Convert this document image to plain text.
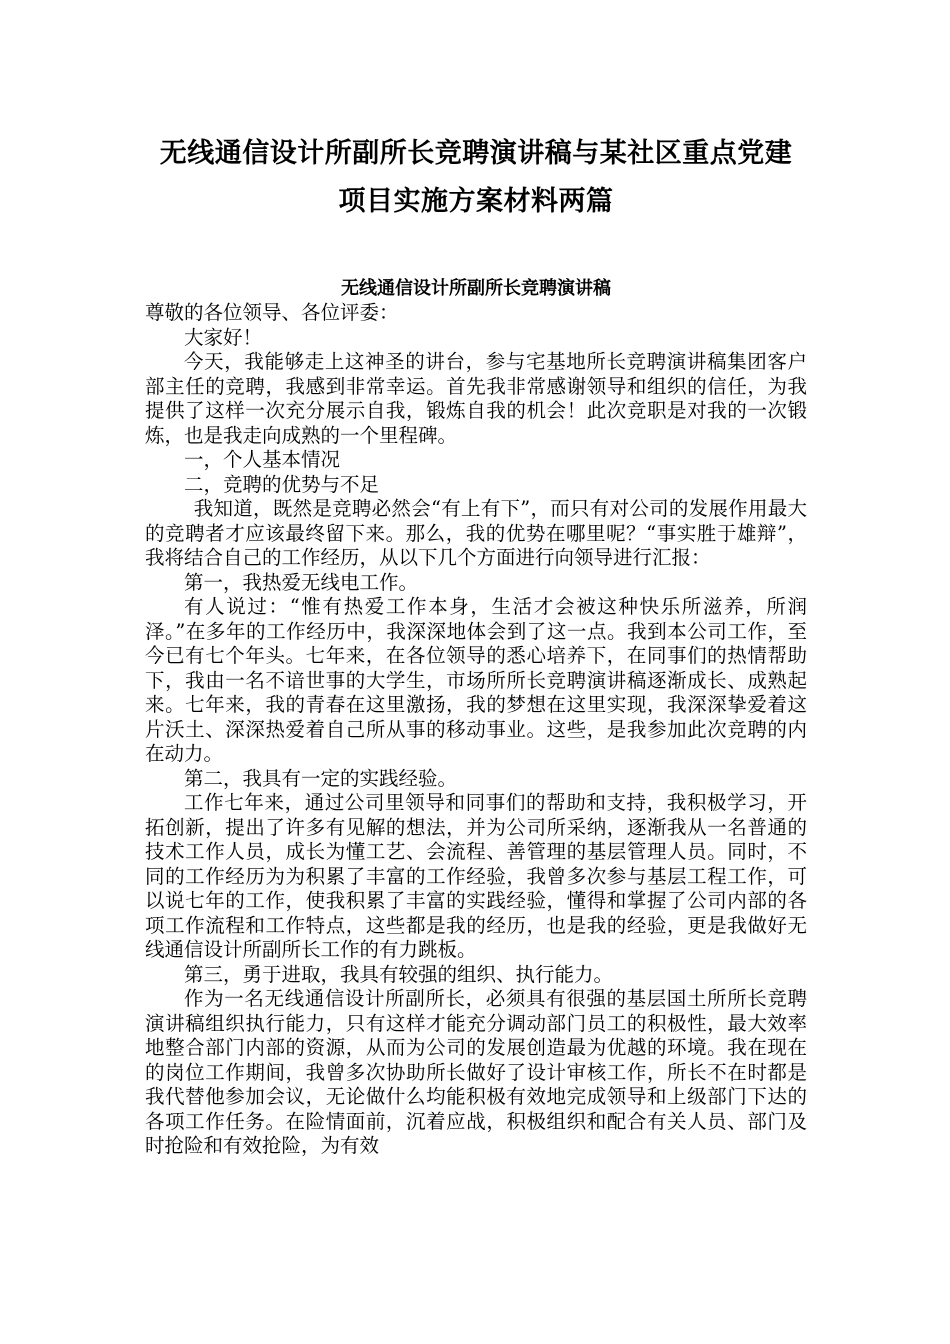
无线通信设计所副所长竞聘演讲稿与某社区重点党建
项目实施方案材料两篇
无线通信设计所副所长竞聘演讲稿

尊敬的各位领导、各位评委：

大家好！

今天，我能够走上这神圣的讲台，参与宅基地所长竞聘演讲稿集团客户部主任的竞聘，我感到非常幸运。首先我非常感谢领导和组织的信任，为我提供了这样一次充分展示自我，锻炼自我的机会！此次竞职是对我的一次锻炼，也是我走向成熟的一个里程碑。

一，个人基本情况

二，竞聘的优势与不足

我知道，既然是竞聘必然会“有上有下”，而只有对公司的发展作用最大的竞聘者才应该最终留下来。那么，我的优势在哪里呢？“事实胜于雄辩”，我将结合自己的工作经历，从以下几个方面进行向领导进行汇报：

第一，我热爱无线电工作。

有人说过：“惟有热爱工作本身，生活才会被这种快乐所滋养，所润泽。”在多年的工作经历中，我深深地体会到了这一点。我到本公司工作，至今已有七个年头。七年来，在各位领导的悉心培养下，在同事们的热情帮助下，我由一名不谙世事的大学生，市场所所长竞聘演讲稿逐渐成长、成熟起来。七年来，我的青春在这里激扬，我的梦想在这里实现，我深深挚爱着这片沃土、深深热爱着自己所从事的移动事业。这些，是我参加此次竞聘的内在动力。

第二，我具有一定的实践经验。

工作七年来，通过公司里领导和同事们的帮助和支持，我积极学习，开拓创新，提出了许多有见解的想法，并为公司所采纳，逐渐我从一名普通的技术工作人员，成长为懂工艺、会流程、善管理的基层管理人员。同时，不同的工作经历为为积累了丰富的工作经验，我曾多次参与基层工程工作，可以说七年的工作，使我积累了丰富的实践经验，懂得和掌握了公司内部的各项工作流程和工作特点，这些都是我的经历，也是我的经验，更是我做好无线通信设计所副所长工作的有力跳板。

第三，勇于进取，我具有较强的组织、执行能力。

作为一名无线通信设计所副所长，必须具有很强的基层国土所所长竞聘演讲稿组织执行能力，只有这样才能充分调动部门员工的积极性，最大效率地整合部门内部的资源，从而为公司的发展创造最为优越的环境。我在现在的岗位工作期间，我曾多次协助所长做好了设计审核工作，所长不在时都是我代替他参加会议，无论做什么均能积极有效地完成领导和上级部门下达的各项工作任务。在险情面前，沉着应战，积极组织和配合有关人员、部门及时抢险和有效抢险，为有效
